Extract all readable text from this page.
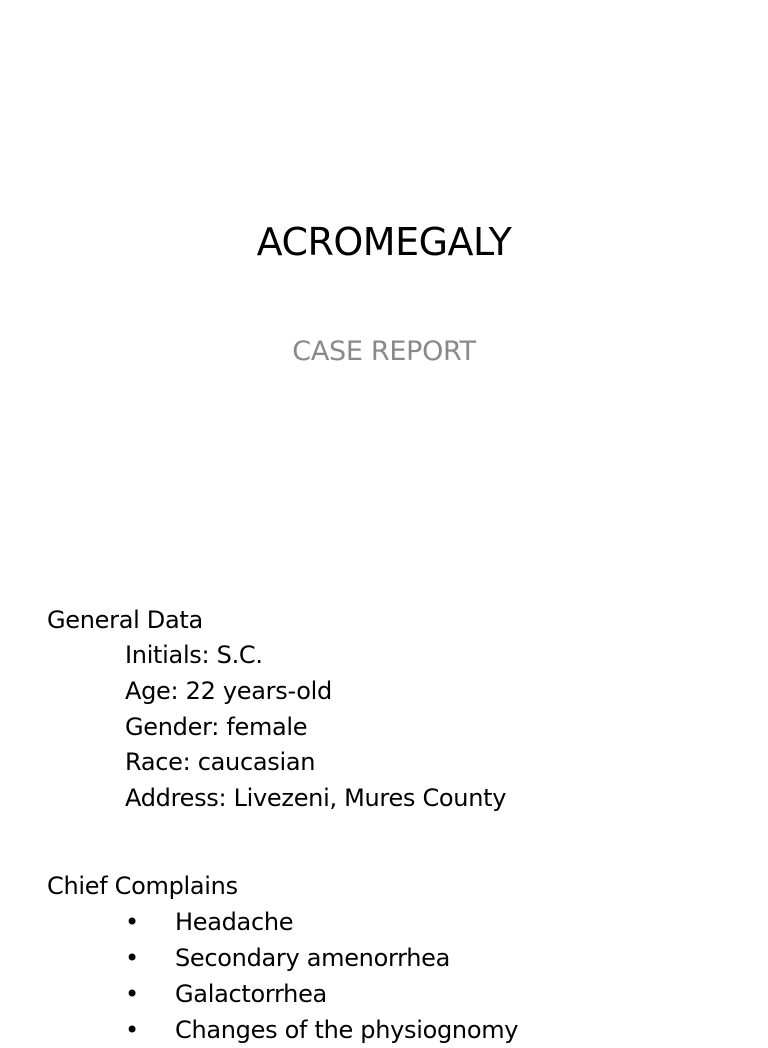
ACROMEGALY
CASE REPORT
General Data
Initials: S.C.
Age: 22 years-old
Gender: female
Race: caucasian
Address: Livezeni, Mures County
Chief Complains
•	Headache
•	Secondary amenorrhea
•	Galactorrhea
•	Changes of the physiognomy
